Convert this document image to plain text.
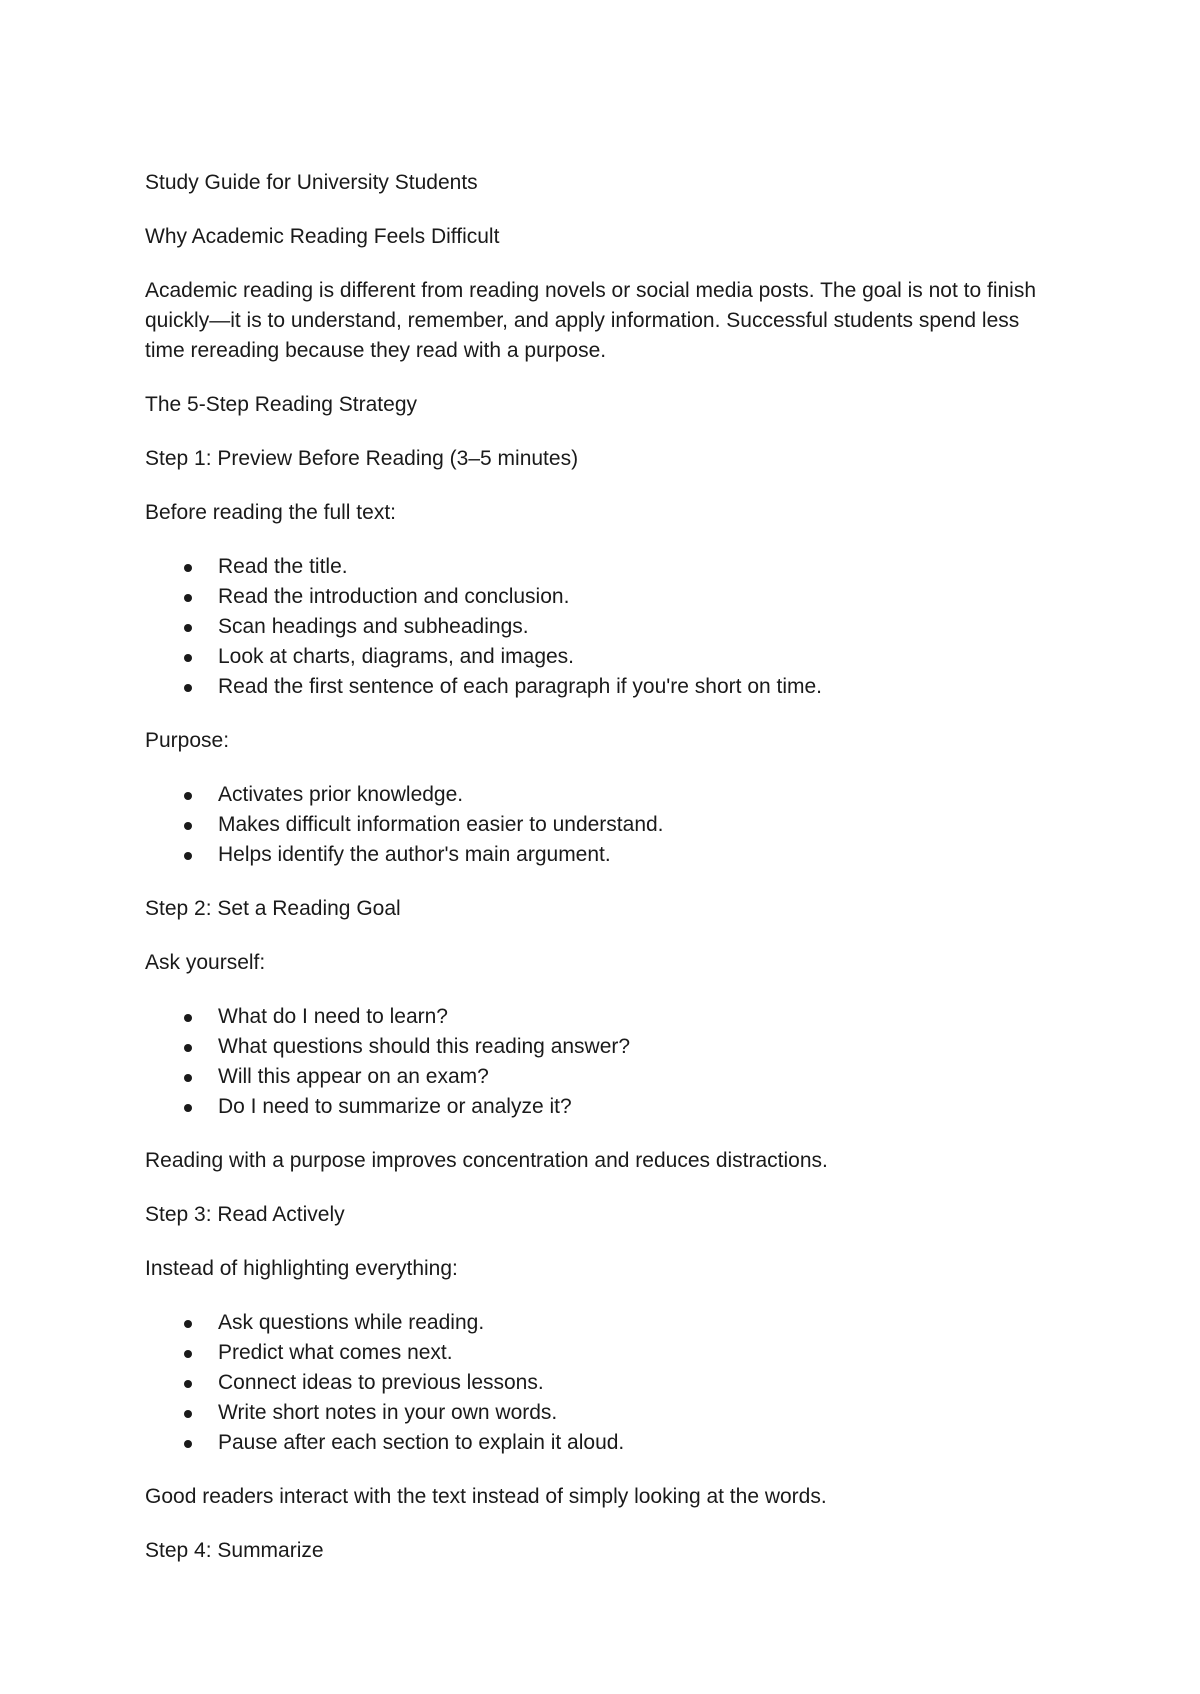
Study Guide for University Students

Why Academic Reading Feels Difficult

Academic reading is different from reading novels or social media posts. The goal is not to finish quickly—it is to understand, remember, and apply information. Successful students spend less time rereading because they read with a purpose.

The 5-Step Reading Strategy

Step 1: Preview Before Reading (3–5 minutes)

Before reading the full text:

Read the title.
Read the introduction and conclusion.
Scan headings and subheadings.
Look at charts, diagrams, and images.
Read the first sentence of each paragraph if you're short on time.

Purpose:

Activates prior knowledge.
Makes difficult information easier to understand.
Helps identify the author's main argument.

Step 2: Set a Reading Goal

Ask yourself:

What do I need to learn?
What questions should this reading answer?
Will this appear on an exam?
Do I need to summarize or analyze it?

Reading with a purpose improves concentration and reduces distractions.

Step 3: Read Actively

Instead of highlighting everything:

Ask questions while reading.
Predict what comes next.
Connect ideas to previous lessons.
Write short notes in your own words.
Pause after each section to explain it aloud.

Good readers interact with the text instead of simply looking at the words.

Step 4: Summarize
